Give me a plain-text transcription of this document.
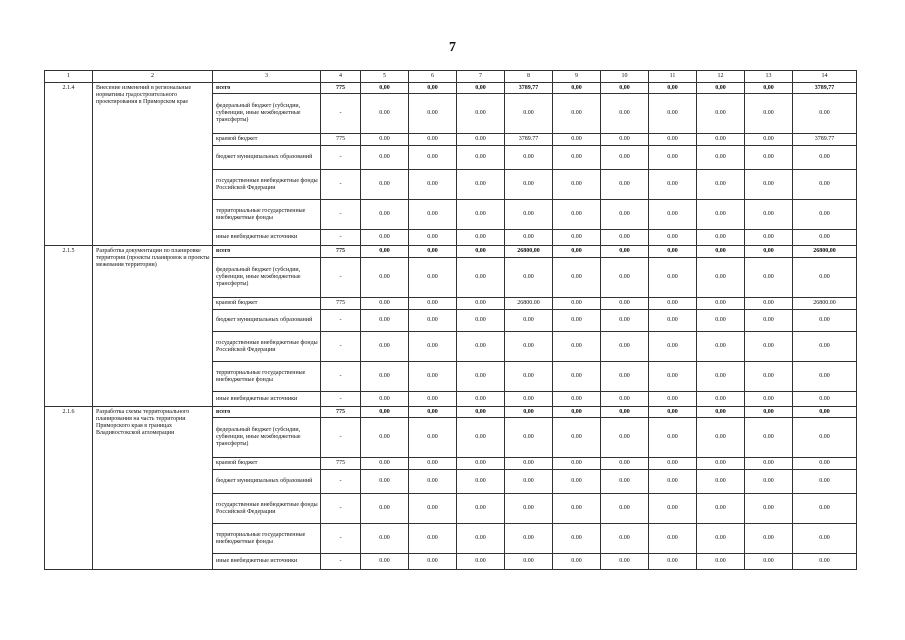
7
1	2	3	4	5	6	7	8	9	10	11	12	13	14
2.1.4	Внесение изменений в региональные нормативы градостроительного проектирования в Приморском крае	всего	775	0,00	0,00	0,00	3789,77	0,00	0,00	0,00	0,00	0,00	3789,77
		федеральный бюджет (субсидии, субвенции, иные межбюджетные трансферты)	-	0.00	0.00	0.00	0.00	0.00	0.00	0.00	0.00	0.00	0.00
		краевой бюджет	775	0.00	0.00	0.00	3789.77	0.00	0.00	0.00	0.00	0.00	3789.77
		бюджет муниципальных образований	-	0.00	0.00	0.00	0.00	0.00	0.00	0.00	0.00	0.00	0.00
		государственные внебюджетные фонды Российской Федерации	-	0.00	0.00	0.00	0.00	0.00	0.00	0.00	0.00	0.00	0.00
		территориальные государственные внебюджетные фонды	-	0.00	0.00	0.00	0.00	0.00	0.00	0.00	0.00	0.00	0.00
		иные внебюджетные источники	-	0.00	0.00	0.00	0.00	0.00	0.00	0.00	0.00	0.00	0.00
2.1.5	Разработка документации по планировке территории (проекты планировок и проекты межевания территории)	всего	775	0,00	0,00	0,00	26800,00	0,00	0,00	0,00	0,00	0,00	26800,00
		федеральный бюджет (субсидии, субвенции, иные межбюджетные трансферты)	-	0.00	0.00	0.00	0.00	0.00	0.00	0.00	0.00	0.00	0.00
		краевой бюджет	775	0.00	0.00	0.00	26800.00	0.00	0.00	0.00	0.00	0.00	26800.00
		бюджет муниципальных образований	-	0.00	0.00	0.00	0.00	0.00	0.00	0.00	0.00	0.00	0.00
		государственные внебюджетные фонды Российской Федерации	-	0.00	0.00	0.00	0.00	0.00	0.00	0.00	0.00	0.00	0.00
		территориальные государственные внебюджетные фонды	-	0.00	0.00	0.00	0.00	0.00	0.00	0.00	0.00	0.00	0.00
		иные внебюджетные источники	-	0.00	0.00	0.00	0.00	0.00	0.00	0.00	0.00	0.00	0.00
2.1.6	Разработка схемы территориального планирования на часть территории Приморского края в границах Владивостокской агломерации	всего	775	0,00	0,00	0,00	0,00	0,00	0,00	0,00	0,00	0,00	0,00
		федеральный бюджет (субсидии, субвенции, иные межбюджетные трансферты)	-	0.00	0.00	0.00	0.00	0.00	0.00	0.00	0.00	0.00	0.00
		краевой бюджет	775	0.00	0.00	0.00	0.00	0.00	0.00	0.00	0.00	0.00	0.00
		бюджет муниципальных образований	-	0.00	0.00	0.00	0.00	0.00	0.00	0.00	0.00	0.00	0.00
		государственные внебюджетные фонды Российской Федерации	-	0.00	0.00	0.00	0.00	0.00	0.00	0.00	0.00	0.00	0.00
		территориальные государственные внебюджетные фонды	-	0.00	0.00	0.00	0.00	0.00	0.00	0.00	0.00	0.00	0.00
		иные внебюджетные источники	-	0.00	0.00	0.00	0.00	0.00	0.00	0.00	0.00	0.00	0.00
